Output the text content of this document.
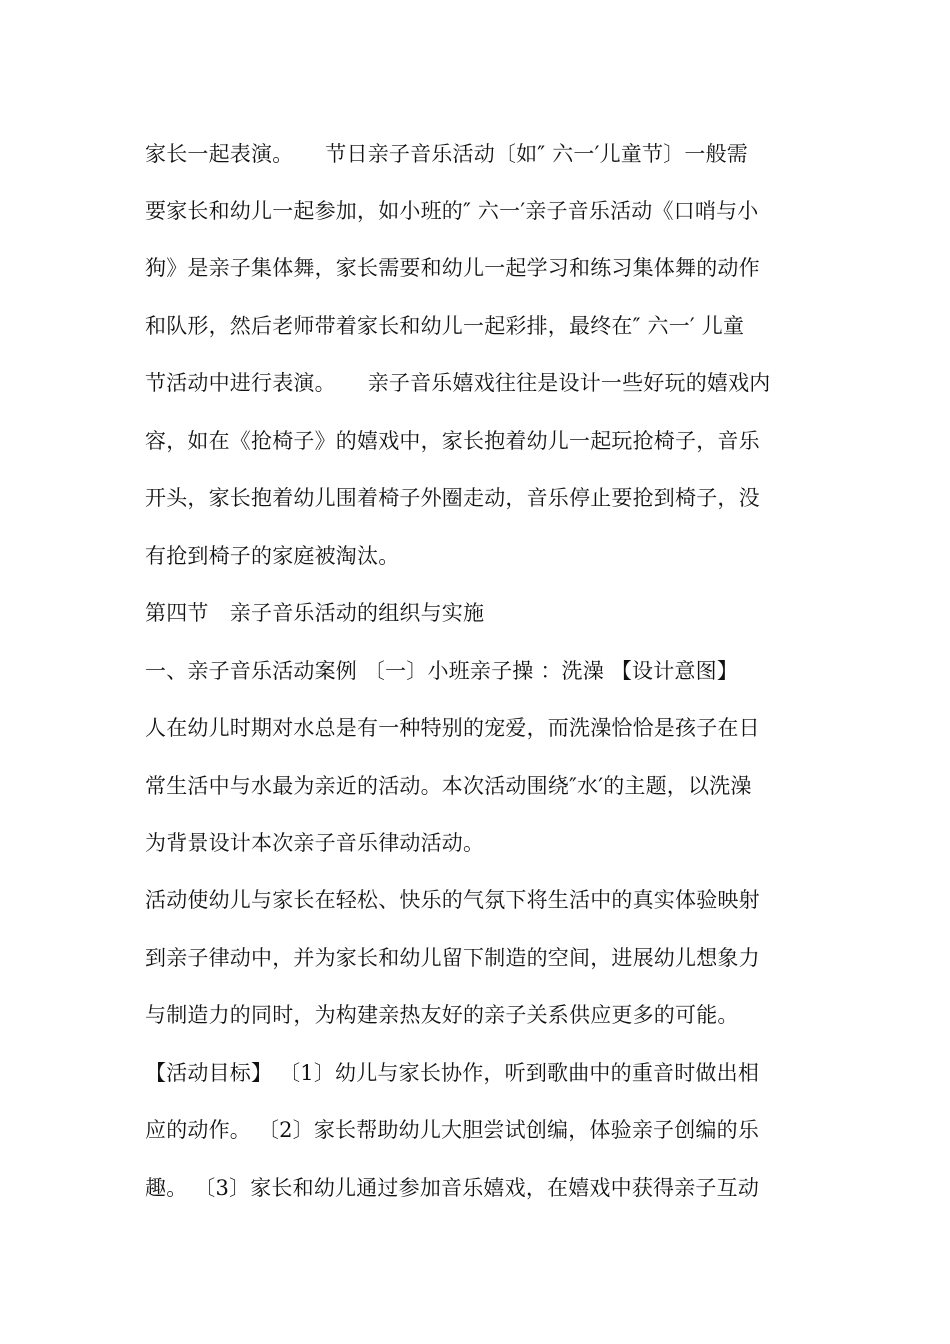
家长一起表演。　　节日亲子音乐活动〔如″ 六一′儿童节〕一般需
要家长和幼儿一起参加，如小班的″ 六一′亲子音乐活动《口哨与小
狗》是亲子集体舞，家长需要和幼儿一起学习和练习集体舞的动作
和队形，然后老师带着家长和幼儿一起彩排，最终在″ 六一′ 儿童
节活动中进行表演。　　亲子音乐嬉戏往往是设计一些好玩的嬉戏内
容，如在《抢椅子》的嬉戏中，家长抱着幼儿一起玩抢椅子，音乐
开头，家长抱着幼儿围着椅子外圈走动，音乐停止要抢到椅子，没
有抢到椅子的家庭被淘汰。
第四节　亲子音乐活动的组织与实施
一、亲子音乐活动案例 〔一〕小班亲子操 ：洗澡 【设计意图】
人在幼儿时期对水总是有一种特别的宠爱，而洗澡恰恰是孩子在日
常生活中与水最为亲近的活动。本次活动围绕″水′的主题，以洗澡
为背景设计本次亲子音乐律动活动。
活动使幼儿与家长在轻松、快乐的气氛下将生活中的真实体验映射
到亲子律动中，并为家长和幼儿留下制造的空间，进展幼儿想象力
与制造力的同时，为构建亲热友好的亲子关系供应更多的可能。
【活动目标】 〔1〕幼儿与家长协作，听到歌曲中的重音时做出相
应的动作。 〔2〕家长帮助幼儿大胆尝试创编，体验亲子创编的乐
趣。 〔3〕家长和幼儿通过参加音乐嬉戏，在嬉戏中获得亲子互动
